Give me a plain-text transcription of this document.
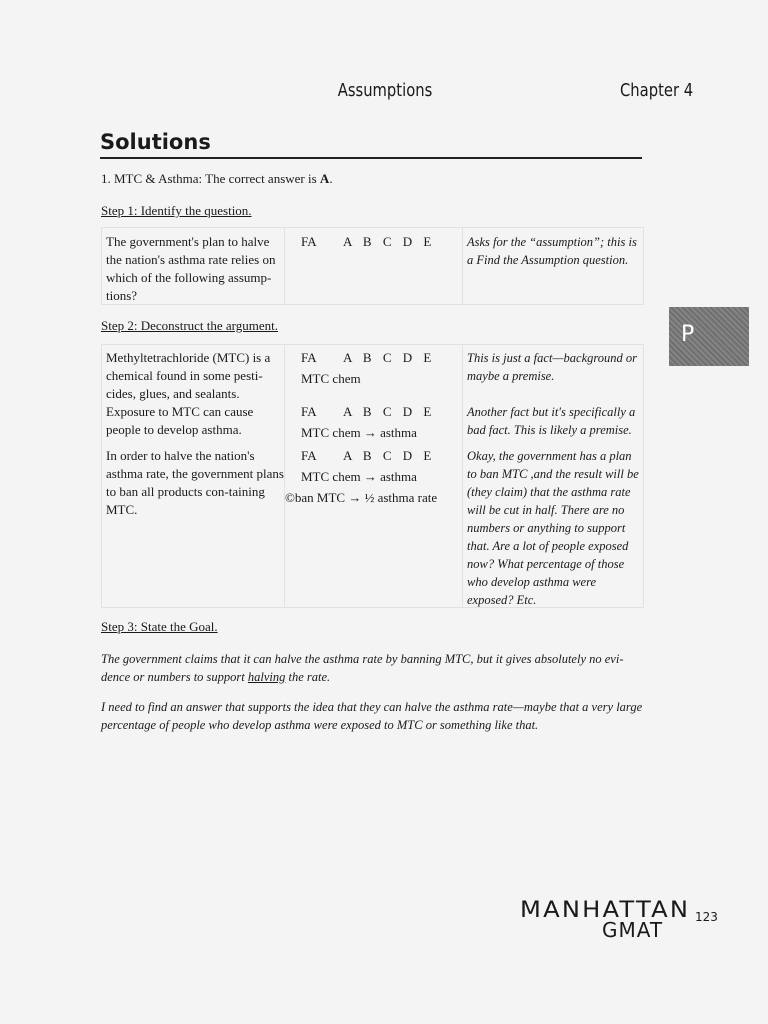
Assumptions	Chapter 4
Solutions
1. MTC & Asthma: The correct answer is A.
Step 1: Identify the question.
The government's plan to halve the nation's asthma rate relies on which of the following assump-tions?
FA A B C D E	Asks for the “assumption”; this is a Find the Assumption question.
Step 2: Deconstruct the argument.
Methyltetrachloride (MTC) is a chemical found in some pesti-cides, glues, and sealants.
FA A B C D E
MTC chem
This is just a fact—background or maybe a premise.
Exposure to MTC can cause people to develop asthma.
FA A B C D E
MTC chem → asthma
Another fact but it's specifically a bad fact. This is likely a premise.
In order to halve the nation's asthma rate, the government plans to ban all products con-taining MTC.
FA A B C D E
MTC chem → asthma
©ban MTC → ½ asthma rate
Okay, the government has a plan to ban MTC ,and the result will be (they claim) that the asthma rate will be cut in half. There are no numbers or anything to support that. Are a lot of people exposed now? What percentage of those who develop asthma were exposed? Etc.
Step 3: State the Goal.
The government claims that it can halve the asthma rate by banning MTC, but it gives absolutely no evi-dence or numbers to support halving the rate.
I need to find an answer that supports the idea that they can halve the asthma rate—maybe that a very large percentage of people who develop asthma were exposed to MTC or something like that.
P
MANHATTAN
GMAT
123
